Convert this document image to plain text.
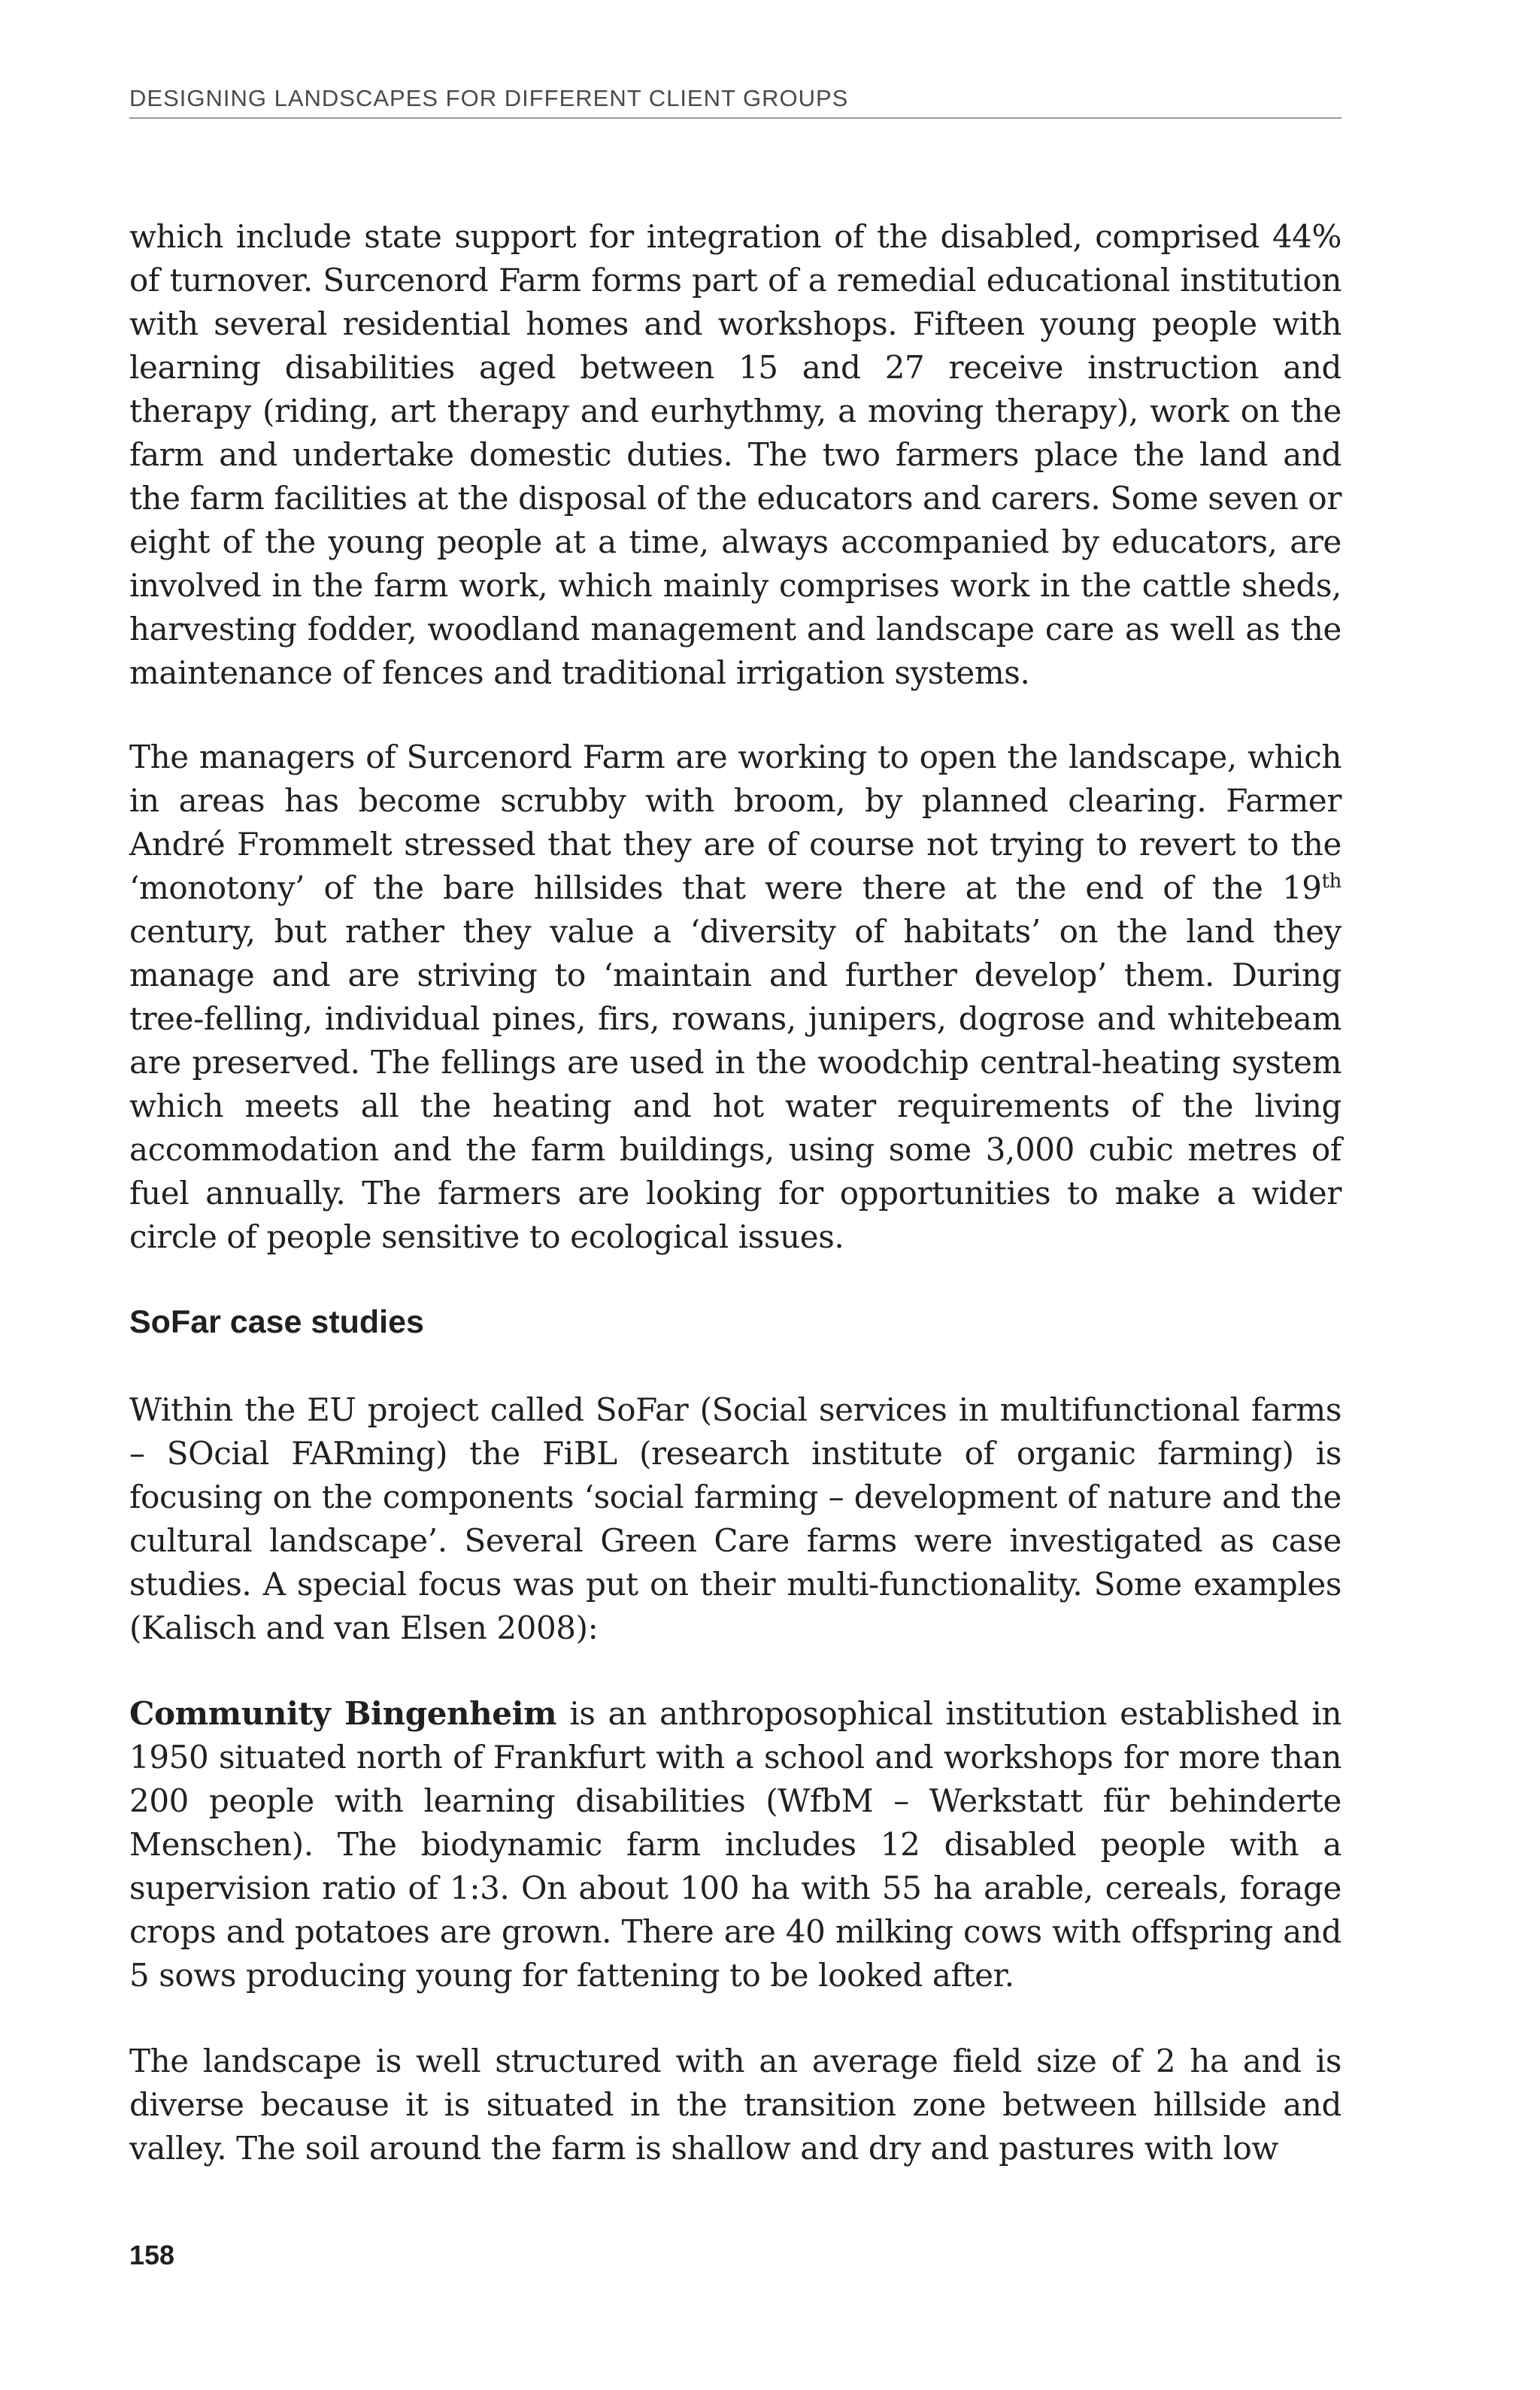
DESIGNING LANDSCAPES FOR DIFFERENT CLIENT GROUPS

which include state support for integration of the disabled, comprised 44% of turnover. Surcenord Farm forms part of a remedial educational institution with several residential homes and workshops. Fifteen young people with learning disabilities aged between 15 and 27 receive instruction and therapy (riding, art therapy and eurhythmy, a moving therapy), work on the farm and undertake domestic duties. The two farmers place the land and the farm facilities at the disposal of the educators and carers. Some seven or eight of the young people at a time, always accompanied by educators, are involved in the farm work, which mainly comprises work in the cattle sheds, harvesting fodder, woodland management and landscape care as well as the maintenance of fences and traditional irrigation systems.

The managers of Surcenord Farm are working to open the landscape, which in areas has become scrubby with broom, by planned clearing. Farmer André Frommelt stressed that they are of course not trying to revert to the ‘monotony’ of the bare hillsides that were there at the end of the 19th century, but rather they value a ‘diversity of habitats’ on the land they manage and are striving to ‘maintain and further develop’ them. During tree-felling, individual pines, firs, rowans, junipers, dogrose and whitebeam are preserved. The fellings are used in the woodchip central-heating system which meets all the heating and hot water requirements of the living accommodation and the farm buildings, using some 3,000 cubic metres of fuel annually. The farmers are looking for opportunities to make a wider circle of people sensitive to ecological issues.

SoFar case studies

Within the EU project called SoFar (Social services in multifunctional farms – SOcial FARming) the FiBL (research institute of organic farming) is focusing on the components ‘social farming – development of nature and the cultural landscape’. Several Green Care farms were investigated as case studies. A special focus was put on their multi-functionality. Some examples (Kalisch and van Elsen 2008):

Community Bingenheim is an anthroposophical institution established in 1950 situated north of Frankfurt with a school and workshops for more than 200 people with learning disabilities (WfbM – Werkstatt für behinderte Menschen). The biodynamic farm includes 12 disabled people with a supervision ratio of 1:3. On about 100 ha with 55 ha arable, cereals, forage crops and potatoes are grown. There are 40 milking cows with offspring and 5 sows producing young for fattening to be looked after.

The landscape is well structured with an average field size of 2 ha and is diverse because it is situated in the transition zone between hillside and valley. The soil around the farm is shallow and dry and pastures with low

158
